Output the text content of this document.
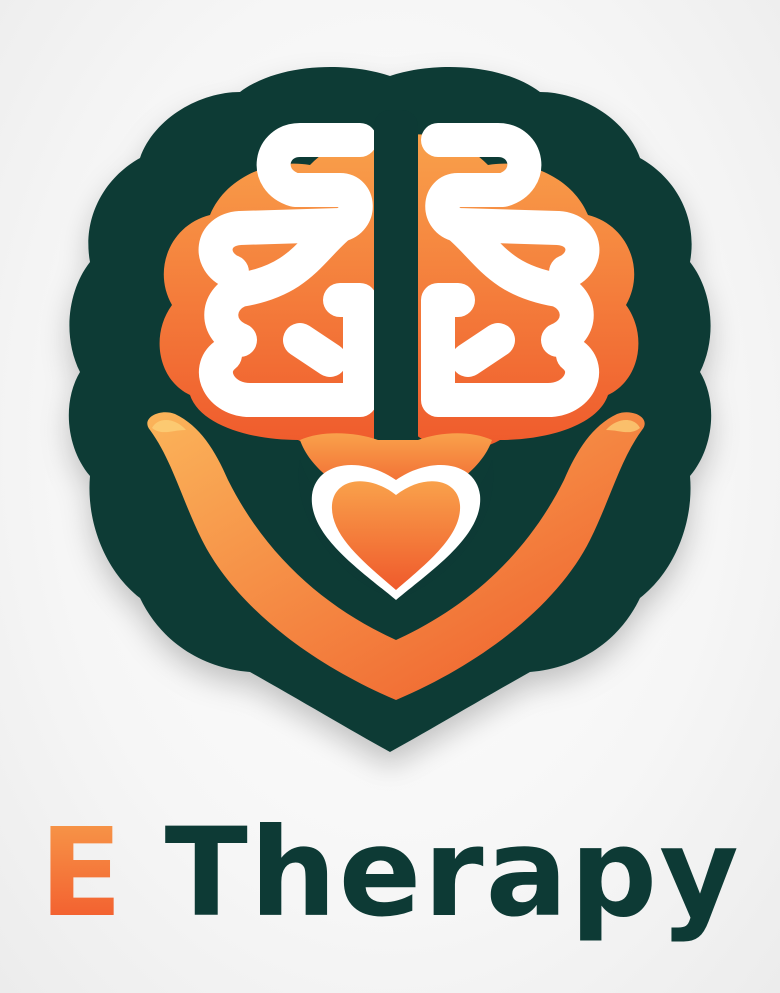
E Therapy
